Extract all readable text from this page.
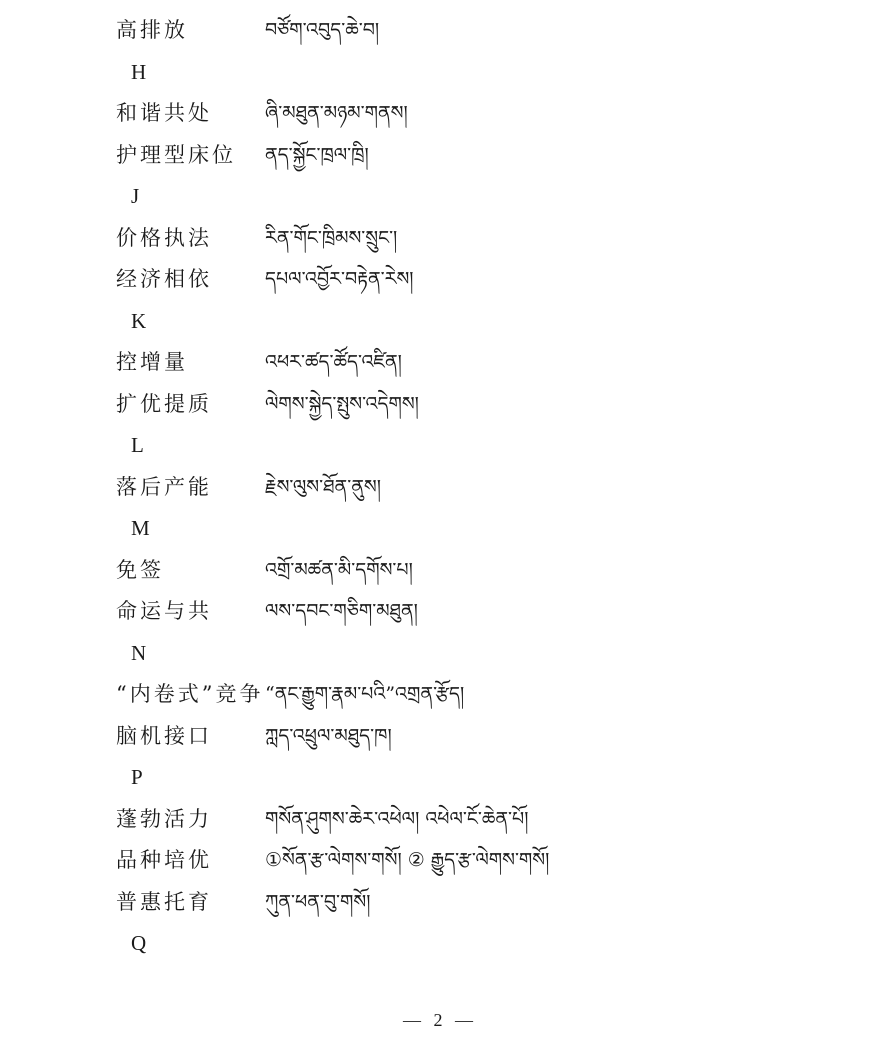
高排放	བཙོག་འབུད་ཆེ་བ།
H
和谐共处	ཞི་མཐུན་མཉམ་གནས།
护理型床位 ནད་སྐྱོང་ཁྲལ་ཁྲི།
J
价格执法	རིན་གོང་ཁྲིམས་སྲུང་།
经济相依	དཔལ་འབྱོར་བརྟེན་རེས།
K
控增量	འཕར་ཚད་ཚོད་འཛིན།
扩优提质	ལེགས་སྐྱེད་སྤུས་འདེགས།
L
落后产能	རྗེས་ལུས་ཐོན་ནུས།
M
免签	འགྲོ་མཚན་མི་དགོས་པ།
命运与共	ལས་དབང་གཅིག་མཐུན།
N
“内卷式”竞争 “ནང་རྒྱུག་རྣམ་པའི”འགྲན་རྩོད།
脑机接口	ཀླད་འཕྲུལ་མཐུད་ཁ།
P
蓬勃活力	གསོན་ཤུགས་ཆེར་འཕེལ། འཕེལ་ངོ་ཆེན་པོ།
品种培优	①སོན་རྩ་ལེགས་གསོ། ② རྒྱུད་རྩ་ལེགས་གསོ།
普惠托育	ཀུན་ཕན་བུ་གསོ།
Q
— 2 —
